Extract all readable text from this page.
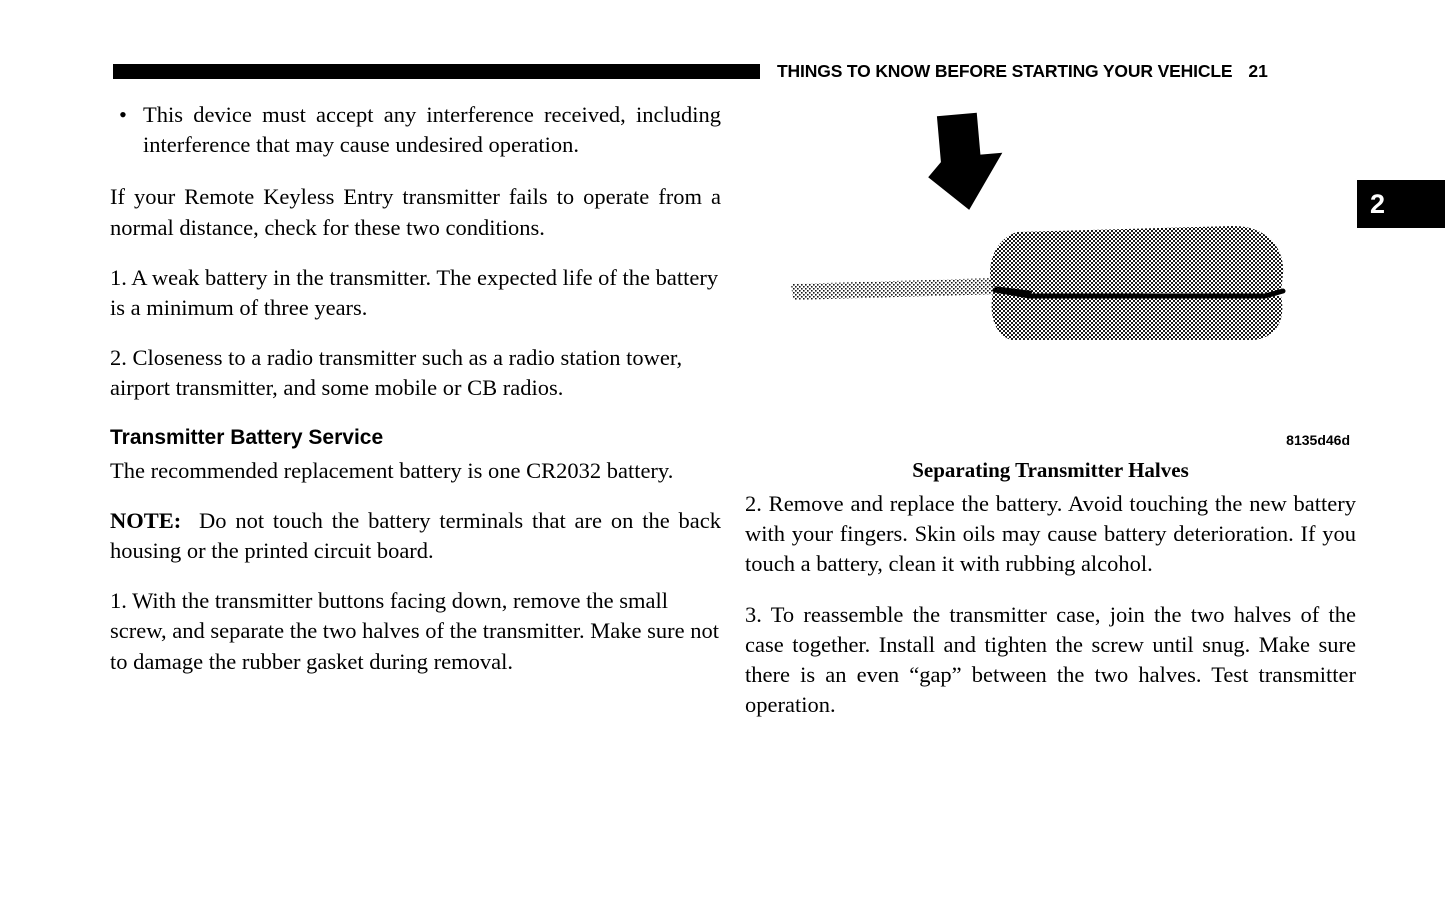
THINGS TO KNOW BEFORE STARTING YOUR VEHICLE 21
2
• This device must accept any interference received, including interference that may cause undesired operation.

If your Remote Keyless Entry transmitter fails to operate from a normal distance, check for these two conditions.

1. A weak battery in the transmitter. The expected life of the battery is a minimum of three years.

2. Closeness to a radio transmitter such as a radio station tower, airport transmitter, and some mobile or CB radios.

Transmitter Battery Service

The recommended replacement battery is one CR2032 battery.

NOTE: Do not touch the battery terminals that are on the back housing or the printed circuit board.

1. With the transmitter buttons facing down, remove the small screw, and separate the two halves of the transmitter. Make sure not to damage the rubber gasket during removal.

8135d46d
Separating Transmitter Halves

2. Remove and replace the battery. Avoid touching the new battery with your fingers. Skin oils may cause battery deterioration. If you touch a battery, clean it with rubbing alcohol.

3. To reassemble the transmitter case, join the two halves of the case together. Install and tighten the screw until snug. Make sure there is an even “gap” between the two halves. Test transmitter operation.
